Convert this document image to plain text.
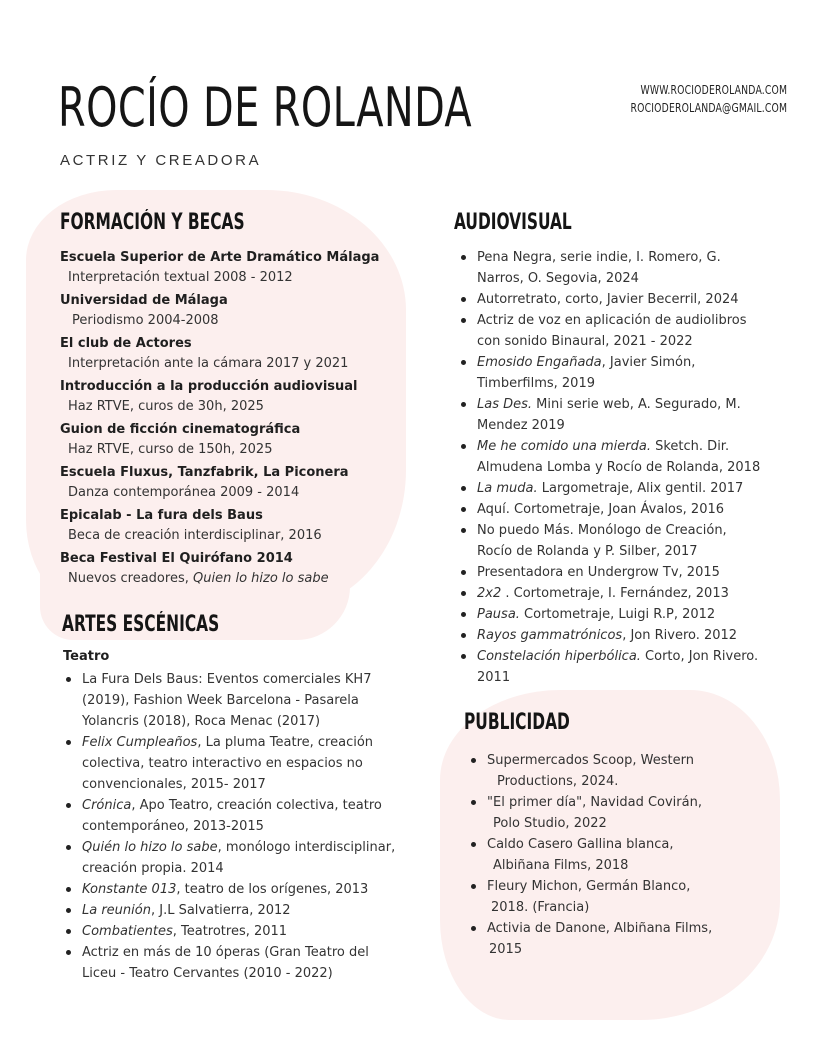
ROCÍO DE ROLANDA
ACTRIZ Y CREADORA
WWW.ROCIODEROLANDA.COM
ROCIODEROLANDA@GMAIL.COM
FORMACIÓN Y BECAS
Escuela Superior de Arte Dramático Málaga
Interpretación textual 2008 - 2012
Universidad de Málaga
Periodismo 2004-2008
El club de Actores
Interpretación ante la cámara 2017 y 2021
Introducción a la producción audiovisual
Haz RTVE, curos de 30h, 2025
Guion de ficción cinematográfica
Haz RTVE, curso de 150h, 2025
Escuela Fluxus, Tanzfabrik, La Piconera
Danza contemporánea 2009 - 2014
Epicalab - La fura dels Baus
Beca de creación interdisciplinar, 2016
Beca Festival El Quirófano 2014
Nuevos creadores, Quien lo hizo lo sabe
ARTES ESCÉNICAS
Teatro
La Fura Dels Baus: Eventos comerciales KH7 (2019), Fashion Week Barcelona - Pasarela Yolancris (2018), Roca Menac (2017)
Felix Cumpleaños, La pluma Teatre, creación colectiva, teatro interactivo en espacios no convencionales, 2015- 2017
Crónica, Apo Teatro, creación colectiva, teatro contemporáneo, 2013-2015
Quién lo hizo lo sabe, monólogo interdisciplinar, creación propia. 2014
Konstante 013, teatro de los orígenes, 2013
La reunión, J.L Salvatierra, 2012
Combatientes, Teatrotres, 2011
Actriz en más de 10 óperas (Gran Teatro del Liceu - Teatro Cervantes (2010 - 2022)
AUDIOVISUAL
Pena Negra, serie indie, I. Romero, G. Narros, O. Segovia, 2024
Autorretrato, corto, Javier Becerril, 2024
Actriz de voz en aplicación de audiolibros con sonido Binaural, 2021 - 2022
Emosido Engañada, Javier Simón, Timberfilms, 2019
Las Des. Mini serie web, A. Segurado, M. Mendez 2019
Me he comido una mierda. Sketch. Dir. Almudena Lomba y Rocío de Rolanda, 2018
La muda. Largometraje, Alix gentil. 2017
Aquí. Cortometraje, Joan Ávalos, 2016
No puedo Más. Monólogo de Creación, Rocío de Rolanda y P. Silber, 2017
Presentadora en Undergrow Tv, 2015
2x2 . Cortometraje, I. Fernández, 2013
Pausa. Cortometraje, Luigi R.P, 2012
Rayos gammatrónicos, Jon Rivero. 2012
Constelación hiperbólica. Corto, Jon Rivero. 2011
PUBLICIDAD
Supermercados Scoop, Western
Productions, 2024.
"El primer día", Navidad Covirán,
Polo Studio, 2022
Caldo Casero Gallina blanca,
Albiñana Films, 2018
Fleury Michon, Germán Blanco,
2018. (Francia)
Activia de Danone, Albiñana Films,
2015
